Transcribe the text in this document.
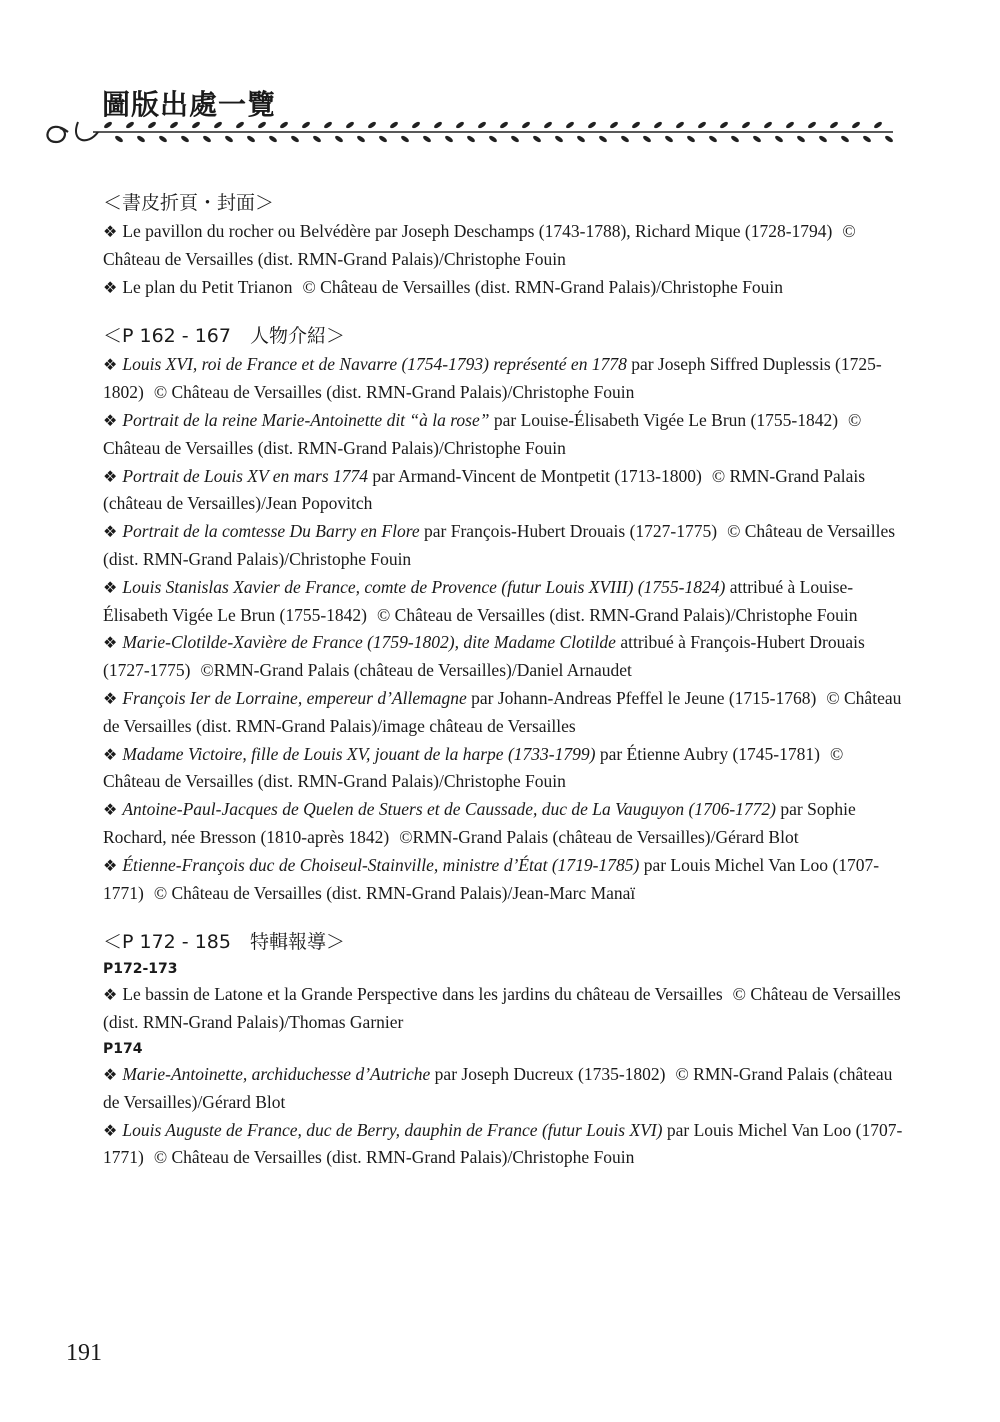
圖版出處一覽
＜書皮折頁・封面＞
❖ Le pavillon du rocher ou Belvédère par Joseph Deschamps (1743-1788), Richard Mique (1728-1794) © Château de Versailles (dist. RMN-Grand Palais)/Christophe Fouin
❖ Le plan du Petit Trianon © Château de Versailles (dist. RMN-Grand Palais)/Christophe Fouin
＜P 162 - 167　人物介紹＞
❖ Louis XVI, roi de France et de Navarre (1754-1793) représenté en 1778 par Joseph Siffred Duplessis (1725-1802) © Château de Versailles (dist. RMN-Grand Palais)/Christophe Fouin
❖ Portrait de la reine Marie-Antoinette dit “à la rose” par Louise-Élisabeth Vigée Le Brun (1755-1842) © Château de Versailles (dist. RMN-Grand Palais)/Christophe Fouin
❖ Portrait de Louis XV en mars 1774 par Armand-Vincent de Montpetit (1713-1800) © RMN-Grand Palais (château de Versailles)/Jean Popovitch
❖ Portrait de la comtesse Du Barry en Flore par François-Hubert Drouais (1727-1775) © Château de Versailles (dist. RMN-Grand Palais)/Christophe Fouin
❖ Louis Stanislas Xavier de France, comte de Provence (futur Louis XVIII) (1755-1824) attribué à Louise-Élisabeth Vigée Le Brun (1755-1842) © Château de Versailles (dist. RMN-Grand Palais)/Christophe Fouin
❖ Marie-Clotilde-Xavière de France (1759-1802), dite Madame Clotilde attribué à François-Hubert Drouais (1727-1775) ©RMN-Grand Palais (château de Versailles)/Daniel Arnaudet
❖ François Ier de Lorraine, empereur d’Allemagne par Johann-Andreas Pfeffel le Jeune (1715-1768) © Château de Versailles (dist. RMN-Grand Palais)/image château de Versailles
❖ Madame Victoire, fille de Louis XV, jouant de la harpe (1733-1799) par Étienne Aubry (1745-1781) © Château de Versailles (dist. RMN-Grand Palais)/Christophe Fouin
❖ Antoine-Paul-Jacques de Quelen de Stuers et de Caussade, duc de La Vauguyon (1706-1772) par Sophie Rochard, née Bresson (1810-après 1842) ©RMN-Grand Palais (château de Versailles)/Gérard Blot
❖ Étienne-François duc de Choiseul-Stainville, ministre d’État (1719-1785) par Louis Michel Van Loo (1707-1771) © Château de Versailles (dist. RMN-Grand Palais)/Jean-Marc Manaï
＜P 172 - 185　特輯報導＞
P172-173
❖ Le bassin de Latone et la Grande Perspective dans les jardins du château de Versailles © Château de Versailles (dist. RMN-Grand Palais)/Thomas Garnier
P174
❖ Marie-Antoinette, archiduchesse d’Autriche par Joseph Ducreux (1735-1802) © RMN-Grand Palais (château de Versailles)/Gérard Blot
❖ Louis Auguste de France, duc de Berry, dauphin de France (futur Louis XVI) par Louis Michel Van Loo (1707-1771) © Château de Versailles (dist. RMN-Grand Palais)/Christophe Fouin
191
